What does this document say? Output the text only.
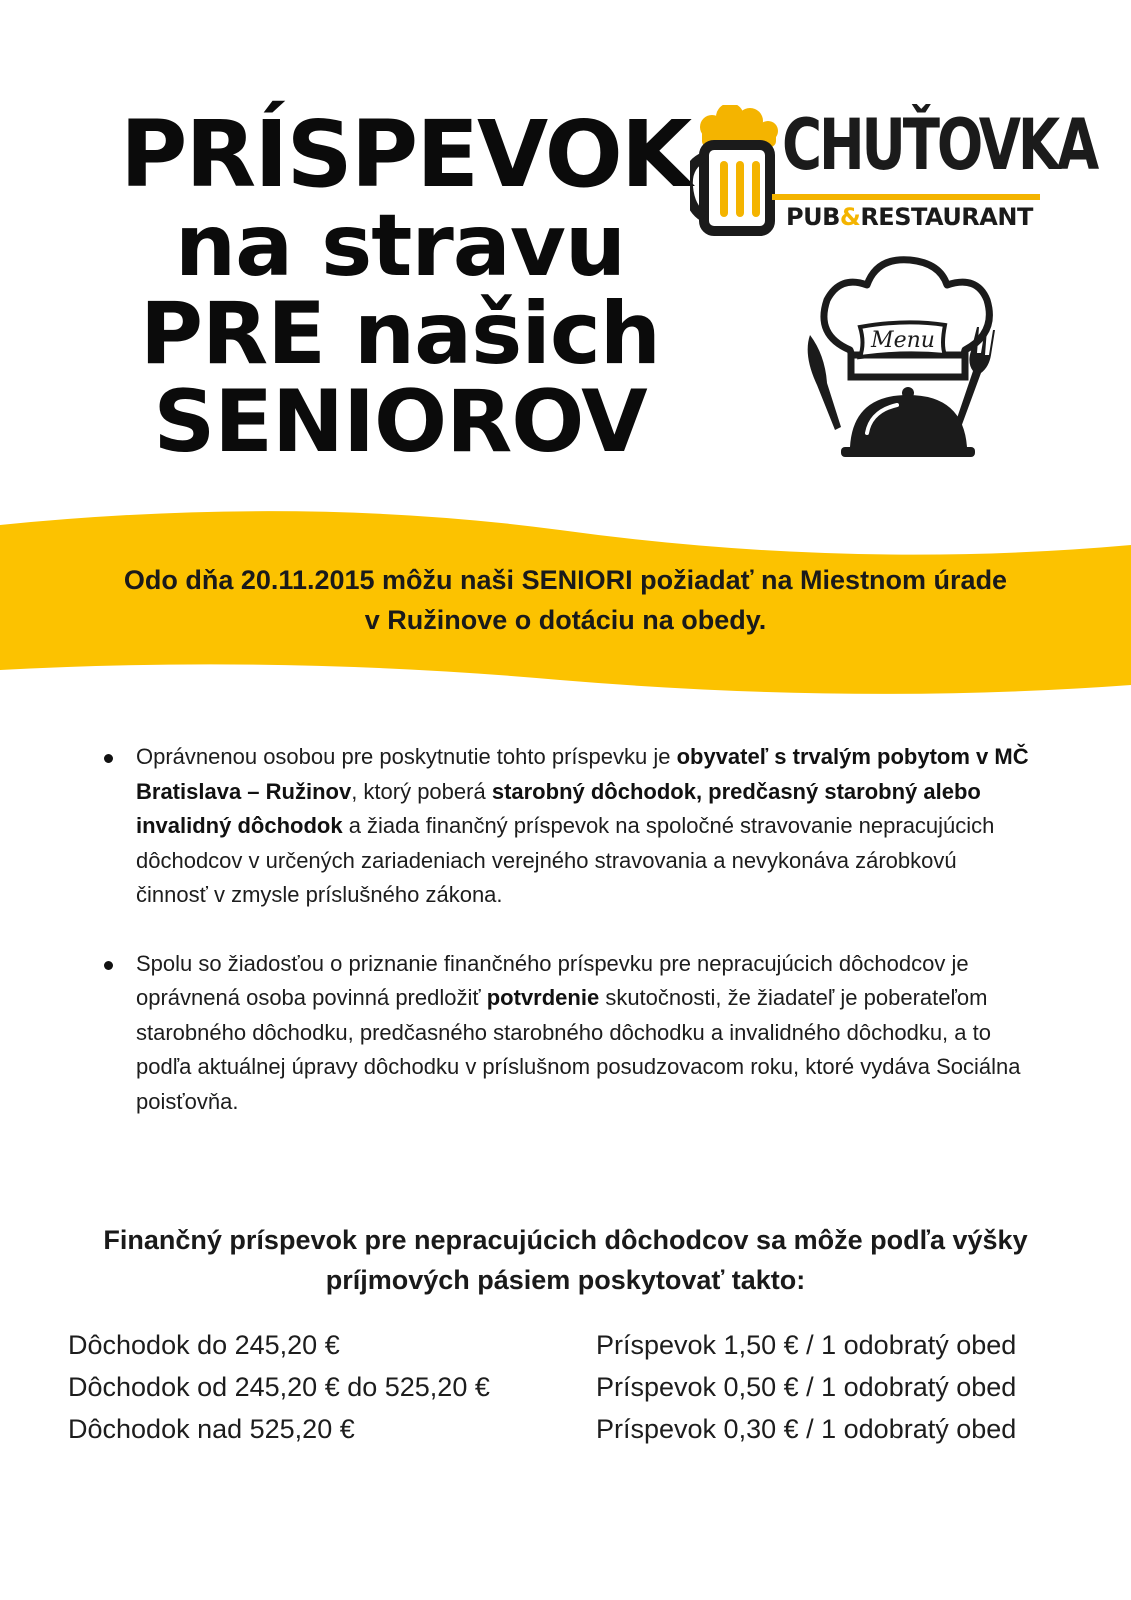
PRÍSPEVOK
na stravu
PRE našich
SENIOROV
CHUŤOVKA
PUB&RESTAURANT
Menu
Odo dňa 20.11.2015 môžu naši SENIORI požiadať na Miestnom úrade
v Ružinove o dotáciu na obedy.
Oprávnenou osobou pre poskytnutie tohto príspevku je obyvateľ s trvalým pobytom v MČ Bratislava – Ružinov, ktorý poberá starobný dôchodok, predčasný starobný alebo invalidný dôchodok a žiada finančný príspevok na spoločné stravovanie nepracujúcich dôchodcov v určených zariadeniach verejného stravovania a nevykonáva zárobkovú činnosť v zmysle príslušného zákona.
Spolu so žiadosťou o priznanie finančného príspevku pre nepracujúcich dôchodcov je oprávnená osoba povinná predložiť potvrdenie skutočnosti, že žiadateľ je poberateľom starobného dôchodku, predčasného starobného dôchodku a invalidného dôchodku, a to podľa aktuálnej úpravy dôchodku v príslušnom posudzovacom roku, ktoré vydáva Sociálna poisťovňa.
Finančný príspevok pre nepracujúcich dôchodcov sa môže podľa výšky
príjmových pásiem poskytovať takto:
Dôchodok do 245,20 €	Príspevok 1,50 € / 1 odobratý obed
Dôchodok od 245,20 € do 525,20 €	Príspevok 0,50 € / 1 odobratý obed
Dôchodok nad 525,20 €	Príspevok 0,30 € / 1 odobratý obed
